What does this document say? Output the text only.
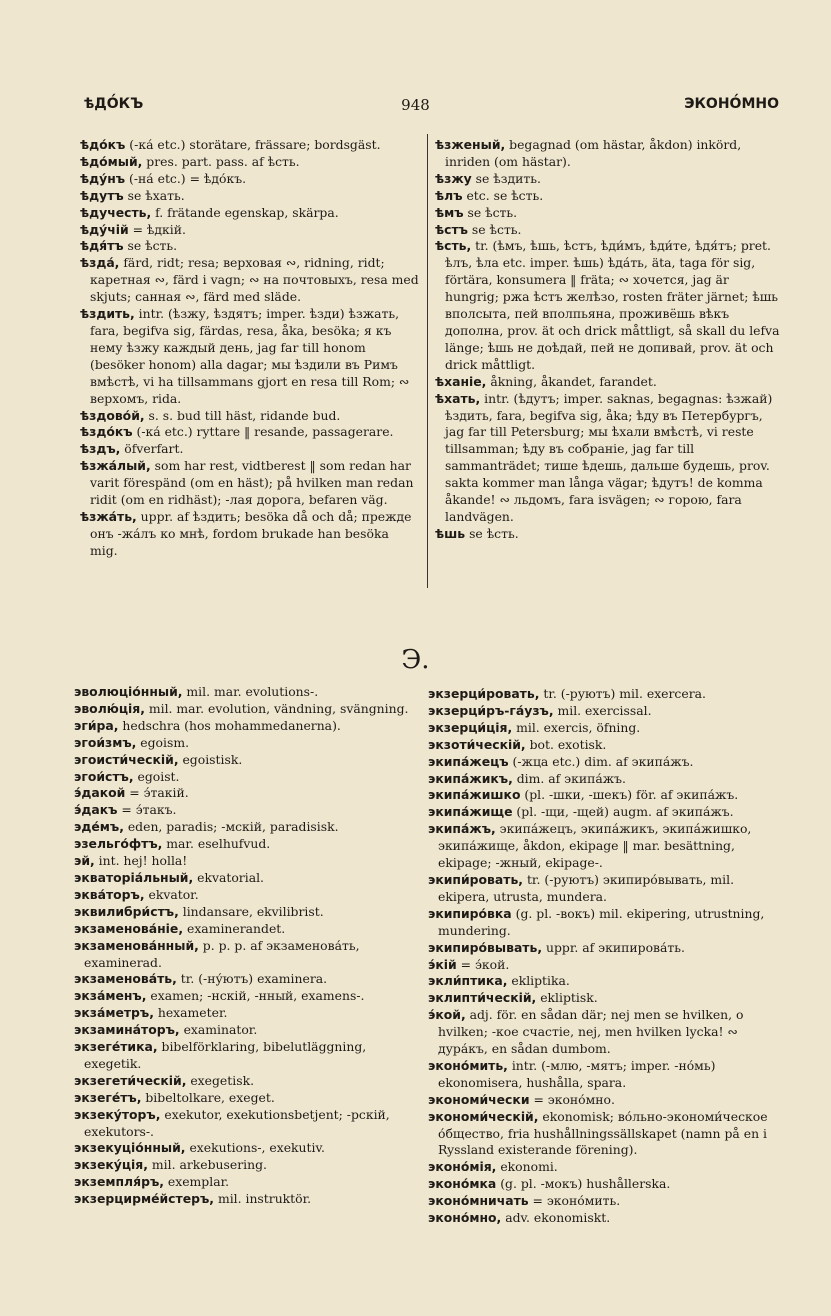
ѣДО́КЪ	948	ЭКОНО́МНО

ѣдо́къ (-ка́ etc.) storätare, frässare; bordsgäst.

ѣдо́мый, pres. part. pass. af ѣсть.

ѣду́нъ (-на́ etc.) = ѣдо́къ.

ѣдутъ se ѣхать.

ѣдучесть, f. frätande egenskap, skärpa.

ѣду́чій = ѣдкій.

ѣдя́тъ se ѣсть.

ѣзда́, färd, ridt; resa; верховая ∾, ridning, ridt; каретная ∾, färd i vagn; ∾ на почтовыхъ, resa med skjuts; санная ∾, färd med släde.

ѣздить, intr. (ѣзжу, ѣздятъ; imper. ѣзди) ѣзжать, fara, begifva sig, färdas, resa, åka, besöka; я къ нему ѣзжу каждый день, jag far till honom (besöker honom) alla dagar; мы ѣздили въ Римъ вмѣстѣ, vi ha tillsammans gjort en resa till Rom; ∾ верхомъ, rida.

ѣздово́й, s. s. bud till häst, ridande bud.

ѣздо́къ (-ка́ etc.) ryttare ‖ resande, passagerare.

ѣздъ, öfverfart.

ѣзжа́лый, som har rest, vidtberest ‖ som redan har varit förespänd (om en häst); på hvilken man redan ridit (om en ridhäst); -лая дорога, befaren väg.

ѣзжа́ть, uppr. af ѣздить; besöka då och då; прежде онъ -жа́лъ ко мнѣ, fordom brukade han besöka mig.

ѣзженый, begagnad (om hästar, åkdon) inkörd, inriden (om hästar).

ѣзжу se ѣздить.

ѣлъ etc. se ѣсть.

ѣмъ se ѣсть.

ѣстъ se ѣсть.

ѣсть, tr. (ѣмъ, ѣшь, ѣстъ, ѣди́мъ, ѣди́те, ѣдя́тъ; pret. ѣлъ, ѣла etc. imper. ѣшь) ѣда́ть, äta, taga för sig, förtära, konsumera ‖ fräta; ∾ хочется, jag är hungrig; ржа ѣстъ желѣзо, rosten fräter järnet; ѣшь вполсыта, пей вполпьяна, проживёшь вѣкъ дополна, prov. ät och drick måttligt, så skall du lefva länge; ѣшь не доѣдай, пей не допивай, prov. ät och drick måttligt.

ѣханіе, åkning, åkandet, farandet.

ѣхать, intr. (ѣдутъ; imper. saknas, begagnas: ѣзжай) ѣздить, fara, begifva sig, åka; ѣду въ Петербургъ, jag far till Petersburg; мы ѣхали вмѣстѣ, vi reste tillsamman; ѣду въ собраніе, jag far till sammanträdet; тише ѣдешь, дальше будешь, prov. sakta kommer man långa vägar; ѣдутъ! de komma åkande! ∾ льдомъ, fara isvägen; ∾ горою, fara landvägen.

ѣшь se ѣсть.

Э.

эволюціо́нный, mil. mar. evolutions-.

эволю́ція, mil. mar. evolution, vändning, svängning.

эги́ра, hedschra (hos mohammedanerna).

эгои́змъ, egoism.

эгоисти́ческій, egoistisk.

эгои́стъ, egoist.

э́дакой = э́такій.

э́дакъ = э́такъ.

эде́мъ, eden, paradis; -мскій, paradisisk.

эзельго́фтъ, mar. eselhufvud.

эй, int. hej! holla!

экваторіа́льный, ekvatorial.

эква́торъ, ekvator.

эквилибри́стъ, lindansare, ekvilibrist.

экзаменова́ніе, examinerandet.

экзаменова́нный, p. p. p. af экзаменова́ть, examinerad.

экзаменова́ть, tr. (-ну́ютъ) examinera.

экза́менъ, examen; -нскій, -нный, examens-.

экза́метръ, hexameter.

экзамина́торъ, examinator.

экзеге́тика, bibelförklaring, bibelutläggning, exegetik.

экзегети́ческій, exegetisk.

экзеге́тъ, bibeltolkare, exeget.

экзеку́торъ, exekutor, exekutionsbetjent; -рскій, exekutors-.

экзекуціо́нный, exekutions-, exekutiv.

экзеку́ція, mil. arkebusering.

экземпля́ръ, exemplar.

экзерцирме́йстеръ, mil. instruktör.

экзерци́ровать, tr. (-руютъ) mil. exercera.

экзерци́ръ-га́узъ, mil. exercissal.

экзерци́ція, mil. exercis, öfning.

экзоти́ческій, bot. exotisk.

экипа́жецъ (-жца etc.) dim. af экипа́жъ.

экипа́жикъ, dim. af экипа́жъ.

экипа́жишко (pl. -шки, -шекъ) för. af экипа́жъ.

экипа́жище (pl. -щи, -щей) augm. af экипа́жъ.

экипа́жъ, экипа́жецъ, экипа́жикъ, экипа́жишко, экипа́жище, åkdon, ekipage ‖ mar. besättning, ekipage; -жный, ekipage-.

экипи́ровать, tr. (-руютъ) экипиро́вывать, mil. ekipera, utrusta, mundera.

экипиро́вка (g. pl. -вокъ) mil. ekipering, utrustning, mundering.

экипиро́вывать, uppr. af экипирова́ть.

э́кій = э́кой.

экли́птика, ekliptika.

эклипти́ческій, ekliptisk.

э́кой, adj. för. en sådan där; nej men se hvilken, o hvilken; -кое счастіе, nej, men hvilken lycka! ∾ дура́къ, en sådan dumbom.

эконо́мить, intr. (-млю, -мятъ; imper. -но́мь) ekonomisera, hushålla, spara.

экономи́чески = эконо́мно.

экономи́ческій, ekonomisk; во́льно-экономи́ческое о́бщество, fria hushållningssällskapet (namn på en i Ryssland existerande förening).

эконо́мія, ekonomi.

эконо́мка (g. pl. -мокъ) hushållerska.

эконо́мничать = эконо́мить.

эконо́мно, adv. ekonomiskt.
